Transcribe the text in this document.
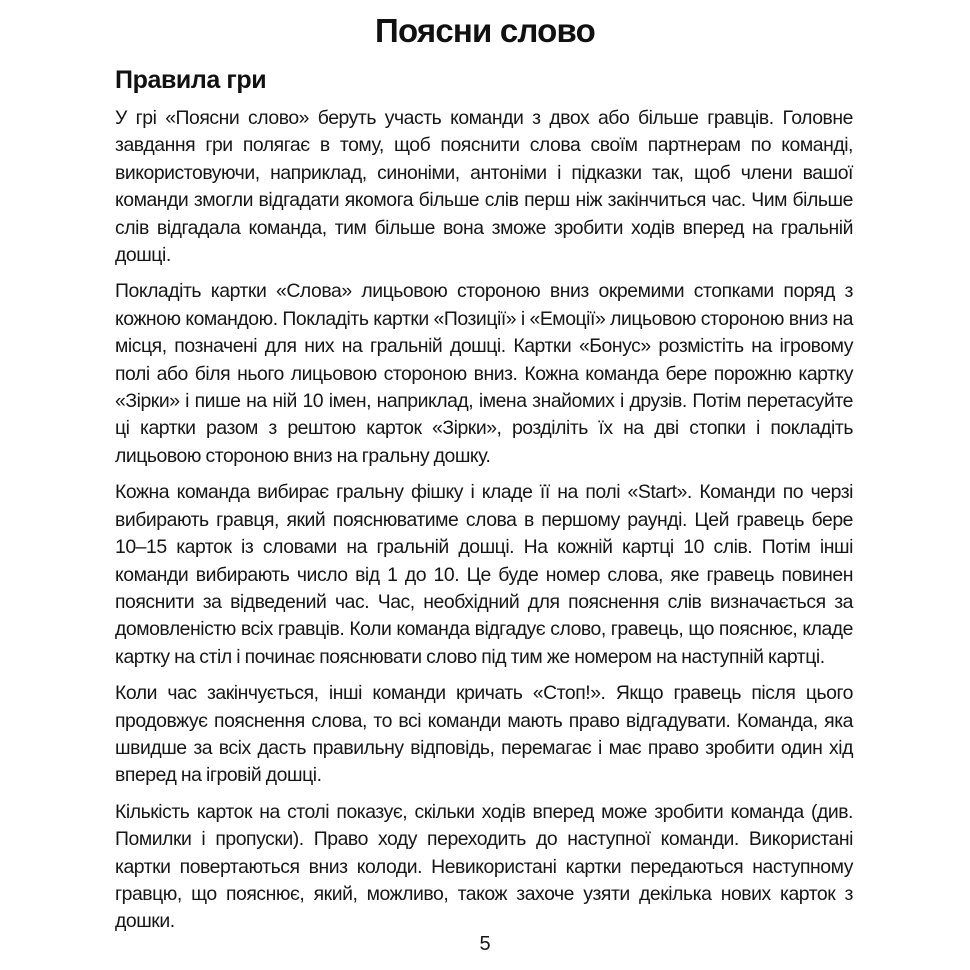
Поясни слово
Правила гри

У грі «Поясни слово» беруть участь команди з двох або більше гравців. Головне завдання гри полягає в тому, щоб пояснити слова своїм партнерам по команді, використовуючи, наприклад, синоніми, антоніми і підказки так, щоб члени вашої команди змогли відгадати якомога більше слів перш ніж закінчиться час. Чим більше слів відгадала команда, тим більше вона зможе зробити ходів вперед на гральній дошці.

Покладіть картки «Слова» лицьовою стороною вниз окремими стопками поряд з кожною командою. Покладіть картки «Позиції» і «Емоції» лицьовою стороною вниз на місця, позначені для них на гральній дошці. Картки «Бонус» розмістіть на ігровому полі або біля нього лицьовою стороною вниз. Кожна команда бере порожню картку «Зірки» і пише на ній 10 імен, наприклад, імена знайомих і друзів. Потім перетасуйте ці картки разом з рештою карток «Зірки», розділіть їх на дві стопки і покладіть лицьовою стороною вниз на гральну дошку.

Кожна команда вибирає гральну фішку і кладе її на полі «Start». Команди по черзі вибирають гравця, який пояснюватиме слова в першому раунді. Цей гравець бере 10–15 карток із словами на гральній дошці. На кожній картці 10 слів. Потім інші команди вибирають число від 1 до 10. Це буде номер слова, яке гравець повинен пояснити за відведений час. Час, необхідний для пояснення слів визначається за домовленістю всіх гравців. Коли команда відгадує слово, гравець, що пояснює, кладе картку на стіл і починає пояснювати слово під тим же номером на наступній картці.

Коли час закінчується, інші команди кричать «Стоп!». Якщо гравець після цього продовжує пояснення слова, то всі команди мають право відгадувати. Команда, яка швидше за всіх дасть правильну відповідь, перемагає і має право зробити один хід вперед на ігровій дошці.

Кількість карток на столі показує, скільки ходів вперед може зробити команда (див. Помилки і пропуски). Право ходу переходить до наступної команди. Використані картки повертаються вниз колоди. Невикористані картки передаються наступному гравцю, що пояснює, який, можливо, також захоче узяти декілька нових карток з дошки.

5
